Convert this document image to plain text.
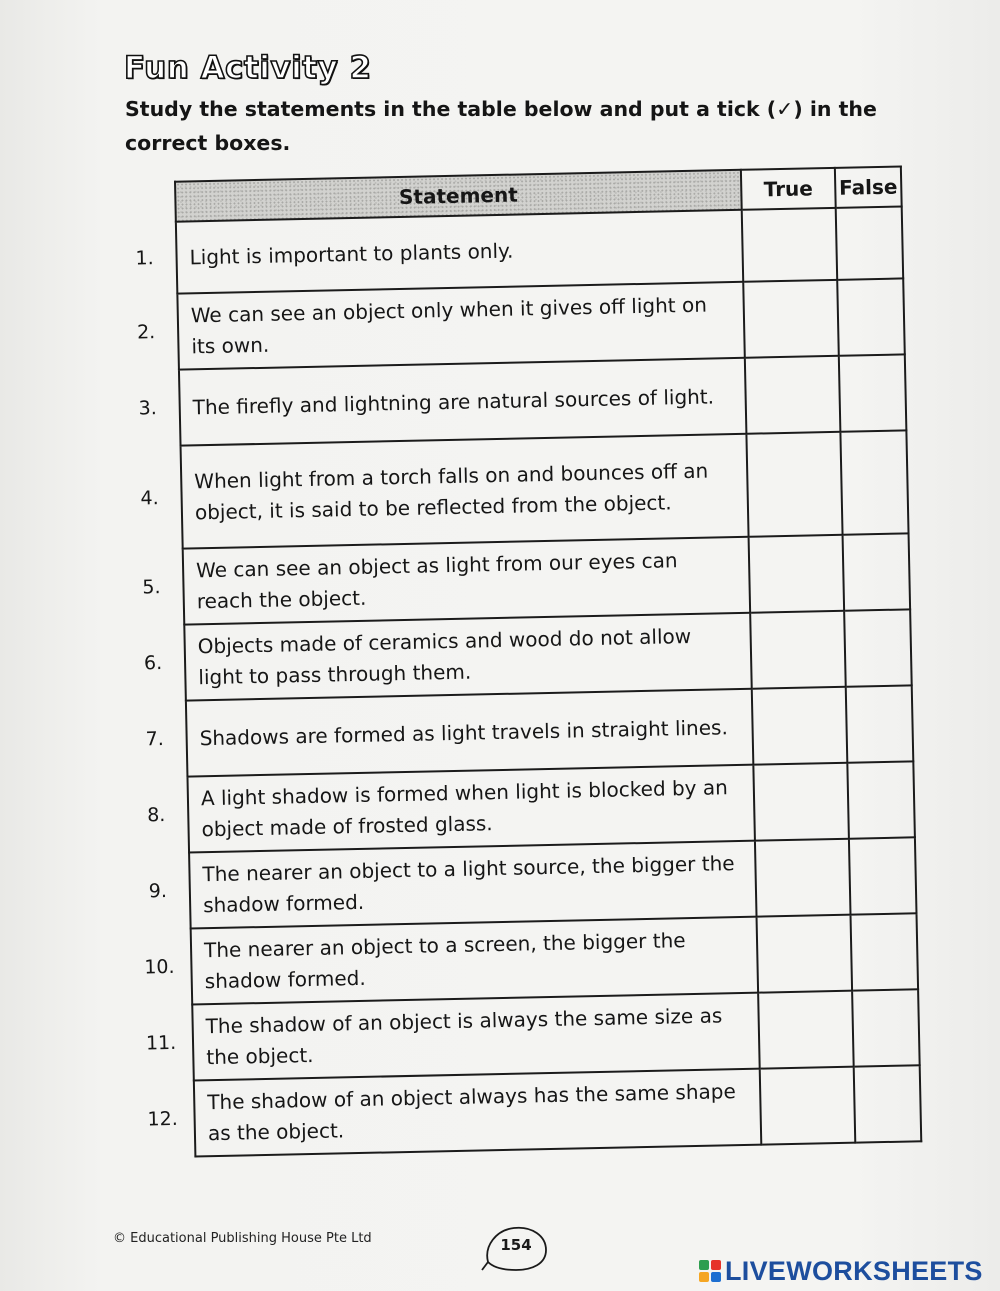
Fun Activity 2
Study the statements in the table below and put a tick (✓) in the correct boxes.
	Statement	True	False
1.	Light is important to plants only.		
2.	We can see an object only when it gives off light on its own.		
3.	The firefly and lightning are natural sources of light.		
4.	When light from a torch falls on and bounces off an object, it is said to be reflected from the object.		
5.	We can see an object as light from our eyes can reach the object.		
6.	Objects made of ceramics and wood do not allow light to pass through them.		
7.	Shadows are formed as light travels in straight lines.		
8.	A light shadow is formed when light is blocked by an object made of frosted glass.		
9.	The nearer an object to a light source, the bigger the shadow formed.		
10.	The nearer an object to a screen, the bigger the shadow formed.		
11.	The shadow of an object is always the same size as the object.		
12.	The shadow of an object always has the same shape as the object.		
© Educational Publishing House Pte Ltd	154
LIVEWORKSHEETS
